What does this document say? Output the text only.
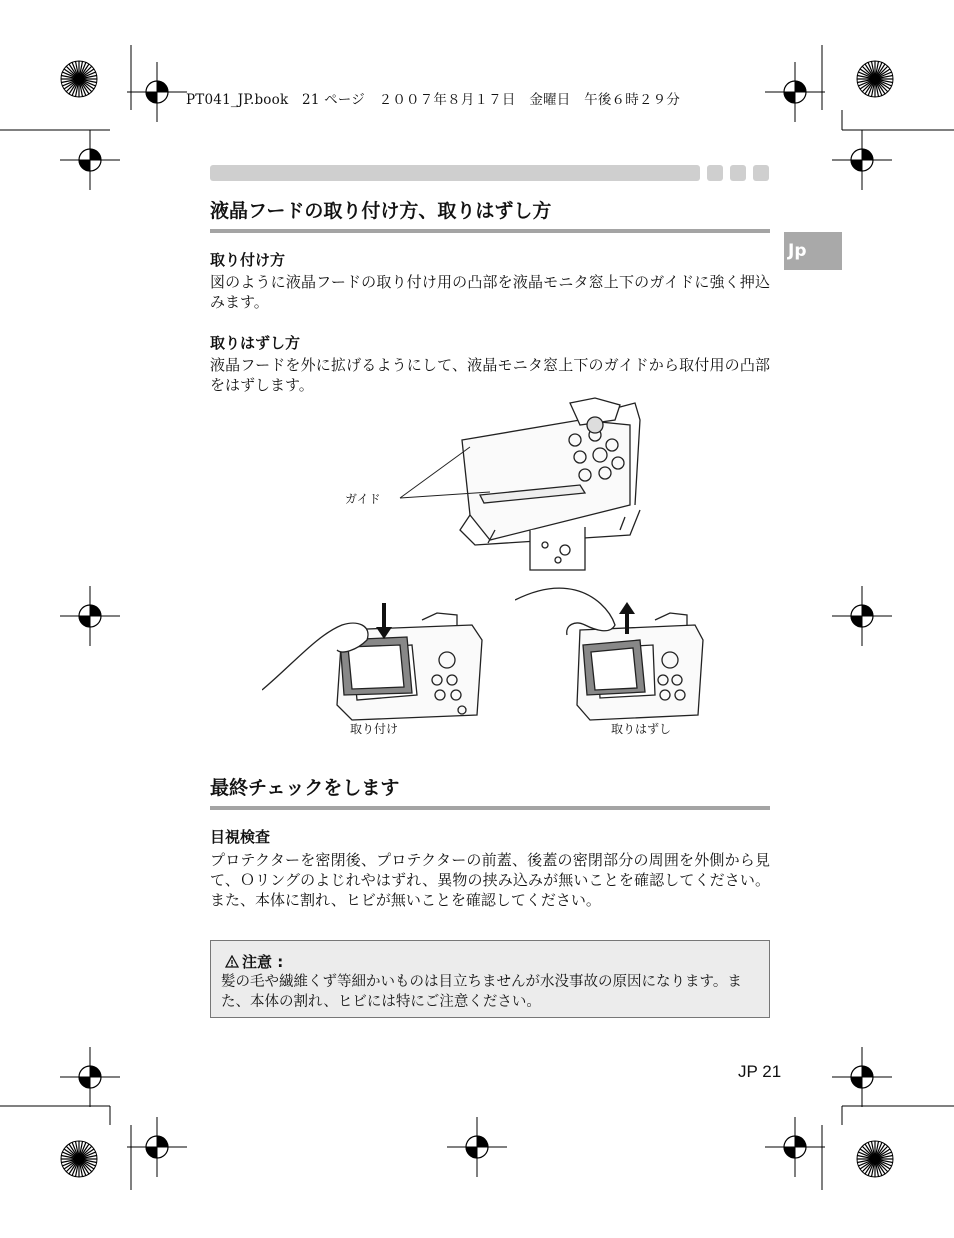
PT041_JP.book　21 ページ　２００７年８月１７日　金曜日　午後６時２９分
Jp
液晶フードの取り付け方、取りはずし方
取り付け方
図のように液晶フードの取り付け用の凸部を液晶モニタ窓上下のガイドに強く押込みます。
取りはずし方
液晶フードを外に拡げるようにして、液晶モニタ窓上下のガイドから取付用の凸部をはずします。
ガイド
取り付け	取りはずし
最終チェックをします
目視検査
プロテクターを密閉後、プロテクターの前蓋、後蓋の密閉部分の周囲を外側から見て、Ｏリングのよじれやはずれ、異物の挟み込みが無いことを確認してください。また、本体に割れ、ヒビが無いことを確認してください。
注意 :
髪の毛や繊維くず等細かいものは目立ちませんが水没事故の原因になります。また、本体の割れ、ヒビには特にご注意ください。
JP 21
